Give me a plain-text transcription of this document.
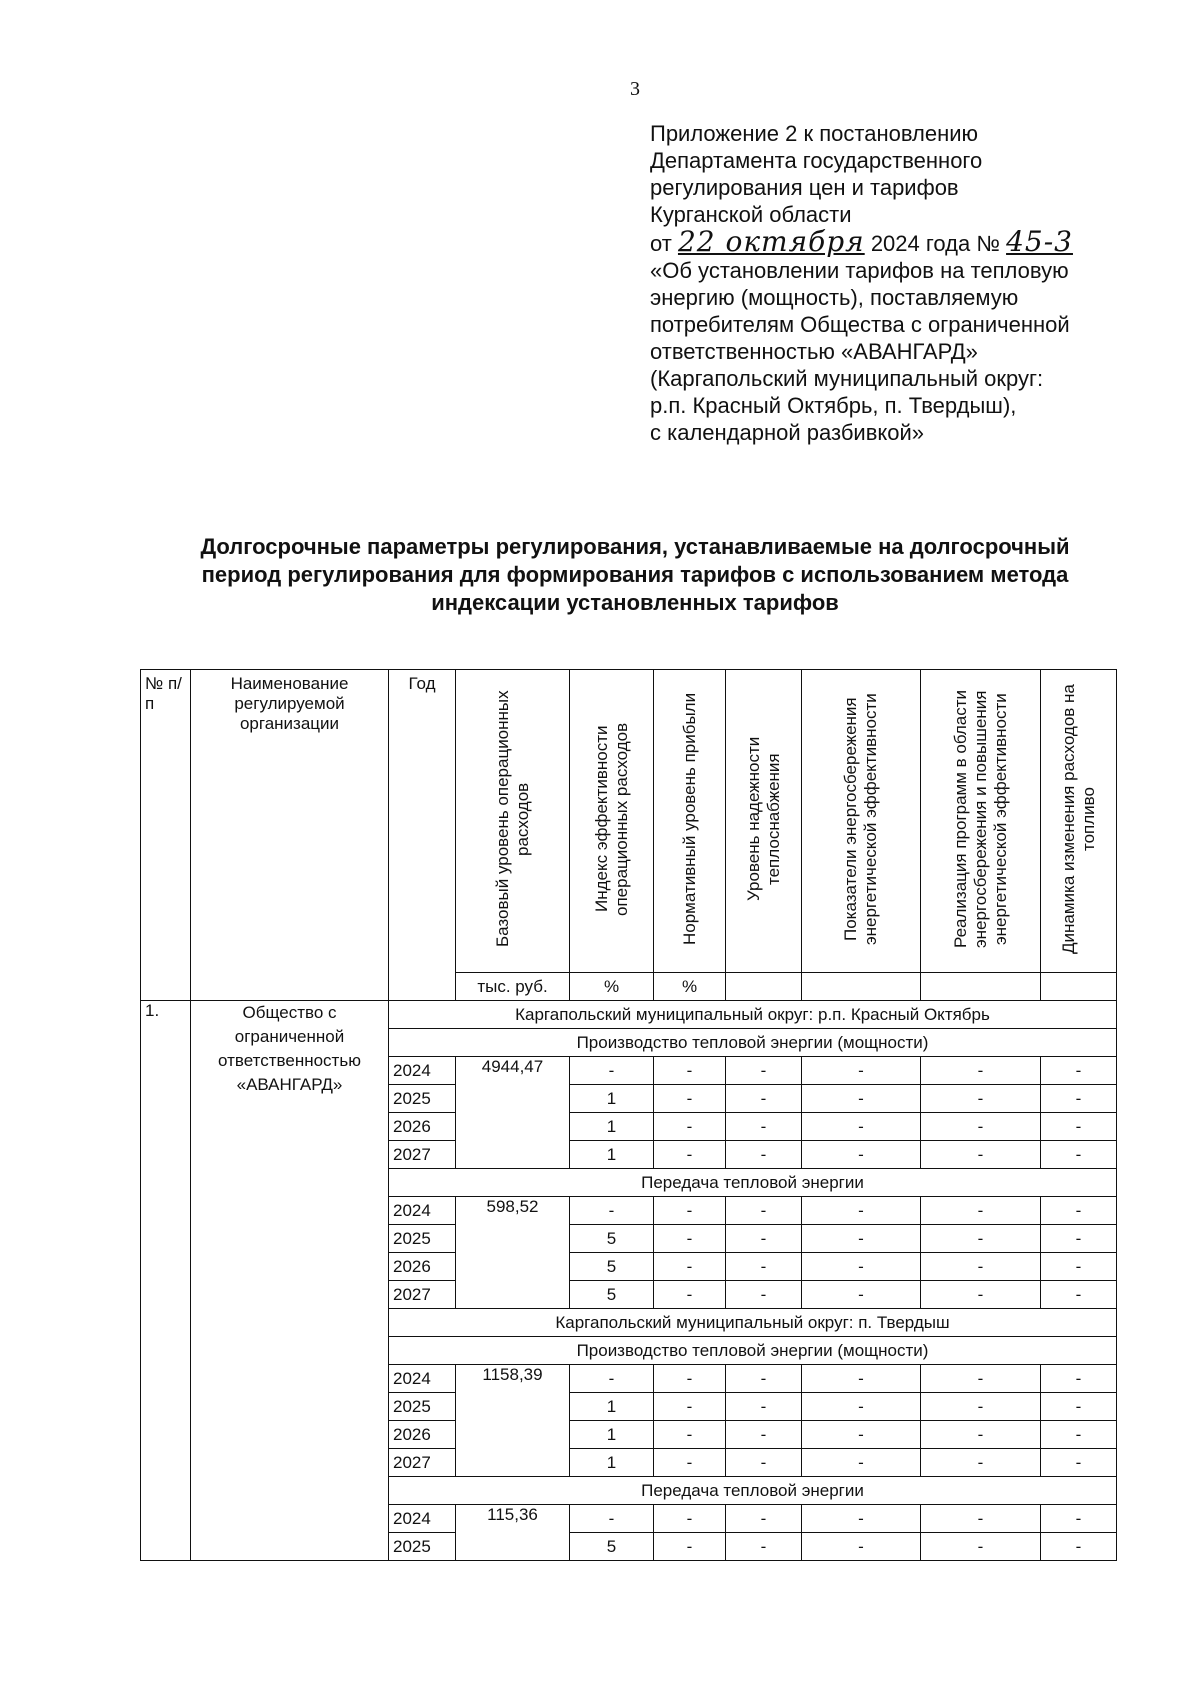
3
Приложение 2 к постановлению
Департамента государственного
регулирования цен и тарифов
Курганской области
от 22 октября 2024 года № 45-3
«Об установлении тарифов на тепловую
энергию (мощность), поставляемую
потребителям Общества с ограниченной
ответственностью «АВАНГАРД»
(Каргапольский муниципальный округ:
р.п. Красный Октябрь, п. Твердыш),
с календарной разбивкой»
Долгосрочные параметры регулирования, устанавливаемые на долгосрочный
период регулирования для формирования тарифов с использованием метода
индексации установленных тарифов
№ п/п	Наименование регулируемой организации	Год	Базовый уровень операционных расходов	Индекс эффективности операционных расходов	Нормативный уровень прибыли	Уровень надежности теплоснабжения	Показатели энергосбережения энергетической эффективности	Реализация программ в области энергосбережения и повышения энергетической эффективности	Динамика изменения расходов на топливо
			тыс. руб.	%	%				
1.	Общество с ограниченной ответственностью «АВАНГАРД»	Каргапольский муниципальный округ: р.п. Красный Октябрь							
		Производство тепловой энергии (мощности)							
		2024	4944,47	-	-	-	-	-	-
		2025		1	-	-	-	-	-
		2026		1	-	-	-	-	-
		2027		1	-	-	-	-	-
		Передача тепловой энергии							
		2024	598,52	-	-	-	-	-	-
		2025		5	-	-	-	-	-
		2026		5	-	-	-	-	-
		2027		5	-	-	-	-	-
		Каргапольский муниципальный округ: п. Твердыш							
		Производство тепловой энергии (мощности)							
		2024	1158,39	-	-	-	-	-	-
		2025		1	-	-	-	-	-
		2026		1	-	-	-	-	-
		2027		1	-	-	-	-	-
		Передача тепловой энергии							
		2024	115,36	-	-	-	-	-	-
		2025		5	-	-	-	-	-
